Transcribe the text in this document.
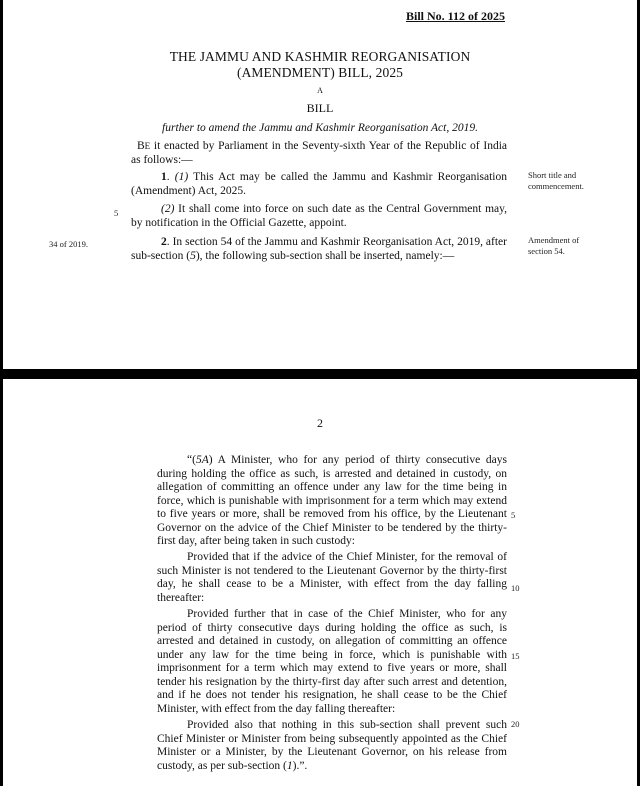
Bill No. 112 of 2025
THE JAMMU AND KASHMIR REORGANISATION
(AMENDMENT) BILL, 2025
A
BILL
further to amend the Jammu and Kashmir Reorganisation Act, 2019.
BE it enacted by Parliament in the Seventy-sixth Year of the Republic of India as follows:—
1. (1) This Act may be called the Jammu and Kashmir Reorganisation (Amendment) Act, 2025.
(2) It shall come into force on such date as the Central Government may, by notification in the Official Gazette, appoint.
2. In section 54 of the Jammu and Kashmir Reorganisation Act, 2019, after sub-section (5), the following sub-section shall be inserted, namely:—
Short title and commencement.
Amendment of section 54.
34 of 2019.
5
2
“(5A) A Minister, who for any period of thirty consecutive days during holding the office as such, is arrested and detained in custody, on allegation of committing an offence under any law for the time being in force, which is punishable with imprisonment for a term which may extend to five years or more, shall be removed from his office, by the Lieutenant Governor on the advice of the Chief Minister to be tendered by the thirty-first day, after being taken in such custody:
Provided that if the advice of the Chief Minister, for the removal of such Minister is not tendered to the Lieutenant Governor by the thirty-first day, he shall cease to be a Minister, with effect from the day falling thereafter:
Provided further that in case of the Chief Minister, who for any period of thirty consecutive days during holding the office as such, is arrested and detained in custody, on allegation of committing an offence under any law for the time being in force, which is punishable with imprisonment for a term which may extend to five years or more, shall tender his resignation by the thirty-first day after such arrest and detention, and if he does not tender his resignation, he shall cease to be the Chief Minister, with effect from the day falling thereafter:
Provided also that nothing in this sub-section shall prevent such Chief Minister or Minister from being subsequently appointed as the Chief Minister or a Minister, by the Lieutenant Governor, on his release from custody, as per sub-section (1).”.
5
10
15
20
